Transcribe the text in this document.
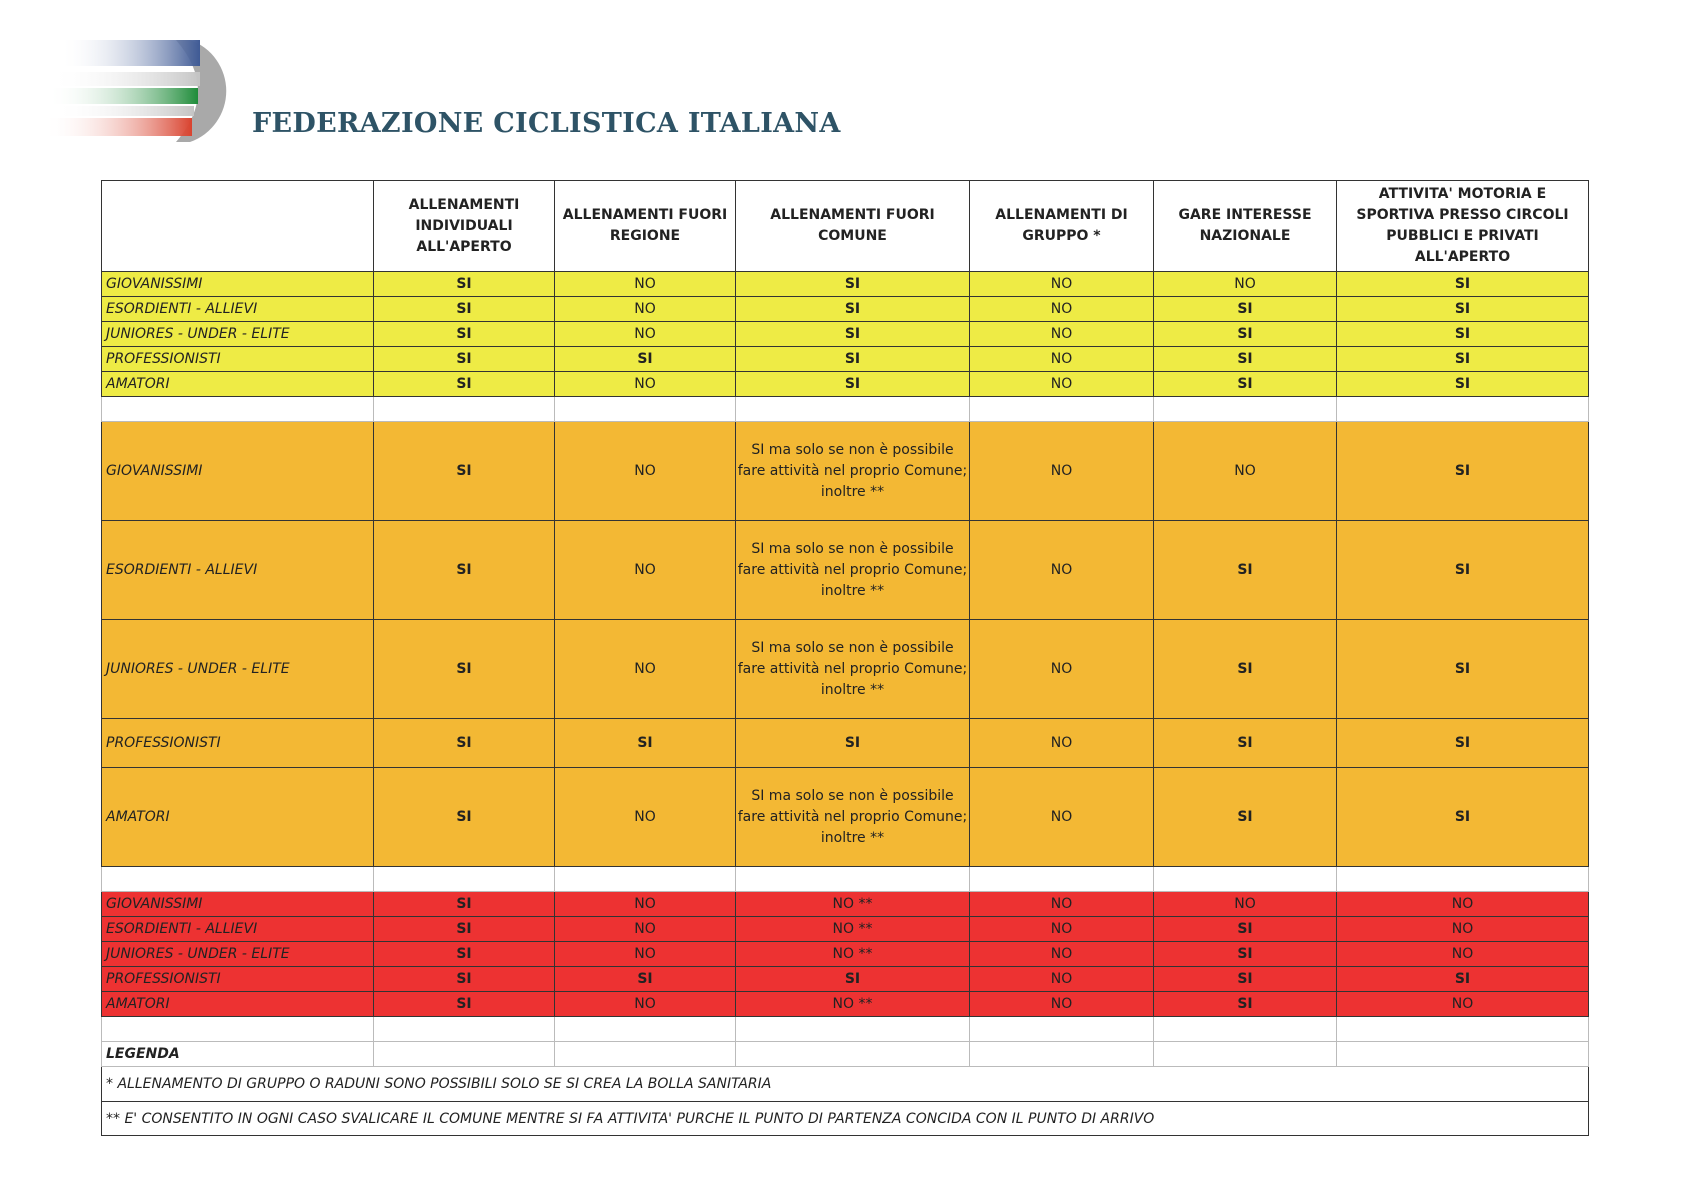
FEDERAZIONE CICLISTICA ITALIANA
	ALLENAMENTI INDIVIDUALI ALL'APERTO	ALLENAMENTI FUORI REGIONE	ALLENAMENTI FUORI COMUNE	ALLENAMENTI DI GRUPPO *	GARE INTERESSE NAZIONALE	ATTIVITA' MOTORIA E SPORTIVA PRESSO CIRCOLI PUBBLICI E PRIVATI ALL'APERTO
GIOVANISSIMI	SI	NO	SI	NO	NO	SI
ESORDIENTI - ALLIEVI	SI	NO	SI	NO	SI	SI
JUNIORES - UNDER - ELITE	SI	NO	SI	NO	SI	SI
PROFESSIONISTI	SI	SI	SI	NO	SI	SI
AMATORI	SI	NO	SI	NO	SI	SI

GIOVANISSIMI	SI	NO	SI ma solo se non è possibile fare attività nel proprio Comune; inoltre **	NO	NO	SI
ESORDIENTI - ALLIEVI	SI	NO	SI ma solo se non è possibile fare attività nel proprio Comune; inoltre **	NO	SI	SI
JUNIORES - UNDER - ELITE	SI	NO	SI ma solo se non è possibile fare attività nel proprio Comune; inoltre **	NO	SI	SI
PROFESSIONISTI	SI	SI	SI	NO	SI	SI
AMATORI	SI	NO	SI ma solo se non è possibile fare attività nel proprio Comune; inoltre **	NO	SI	SI

GIOVANISSIMI	SI	NO	NO **	NO	NO	NO
ESORDIENTI - ALLIEVI	SI	NO	NO **	NO	SI	NO
JUNIORES - UNDER - ELITE	SI	NO	NO **	NO	SI	NO
PROFESSIONISTI	SI	SI	SI	NO	SI	SI
AMATORI	SI	NO	NO **	NO	SI	NO

LEGENDA						
* ALLENAMENTO DI GRUPPO O RADUNI SONO POSSIBILI SOLO SE SI CREA LA BOLLA SANITARIA						
** E' CONSENTITO IN OGNI CASO SVALICARE IL COMUNE MENTRE SI FA ATTIVITA' PURCHE IL PUNTO DI PARTENZA CONCIDA CON IL PUNTO DI ARRIVO						
